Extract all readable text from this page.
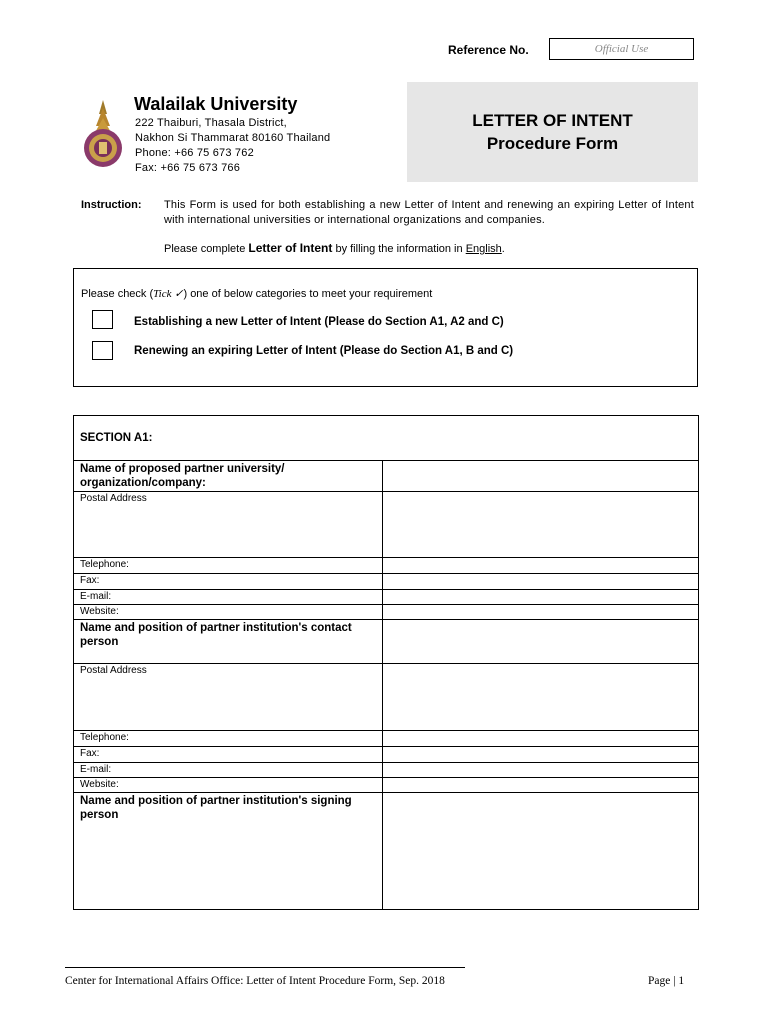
Reference No.	Official Use
Walailak University
222 Thaiburi, Thasala District,
Nakhon Si Thammarat 80160 Thailand
Phone: +66 75 673 762
Fax: +66 75 673 766
LETTER OF INTENT
Procedure Form
Instruction: This Form is used for both establishing a new Letter of Intent and renewing an expiring Letter of Intent with international universities or international organizations and companies.
Please complete Letter of Intent by filling the information in English.
Please check (Tick ✓) one of below categories to meet your requirement
Establishing a new Letter of Intent (Please do Section A1, A2 and C)
Renewing an expiring Letter of Intent (Please do Section A1, B and C)
SECTION A1:	
Name of proposed partner university/ organization/company:	
Postal Address	
Telephone:	
Fax:	
E-mail:	
Website:	
Name and position of partner institution's contact person	
Postal Address	
Telephone:	
Fax:	
E-mail:	
Website:	
Name and position of partner institution's signing person	
Center for International Affairs Office: Letter of Intent Procedure Form, Sep. 2018	Page | 1
